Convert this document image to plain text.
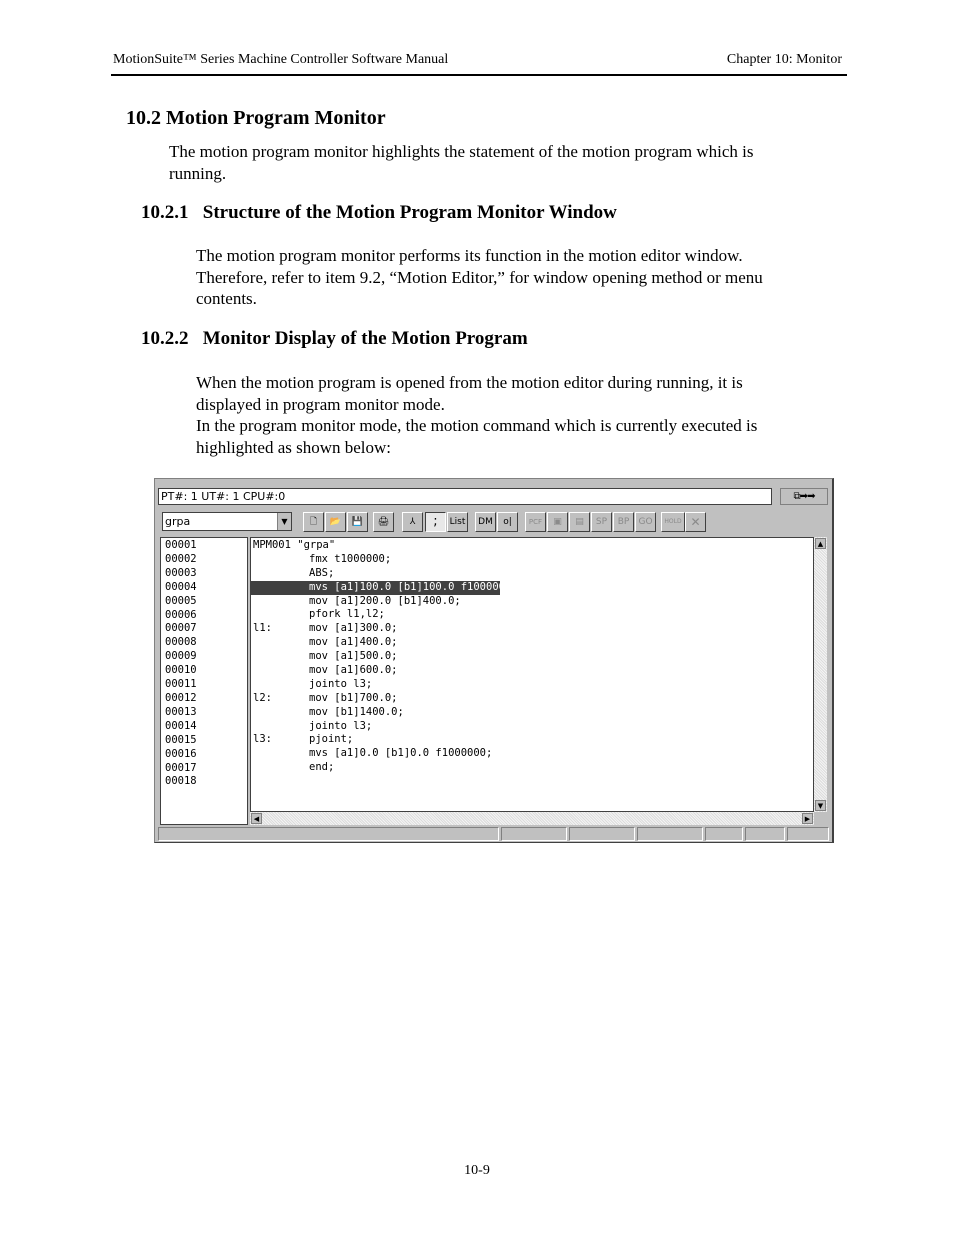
MotionSuite™ Series Machine Controller Software Manual	Chapter 10: Monitor
10.2 Motion Program Monitor
The motion program monitor highlights the statement of the motion program which is
running.
10.2.1   Structure of the Motion Program Monitor Window
The motion program monitor performs its function in the motion editor window.
Therefore, refer to item 9.2, “Motion Editor,” for window opening method or menu
contents.
10.2.2   Monitor Display of the Motion Program
When the motion program is opened from the motion editor during running, it is
displayed in program monitor mode.
In the program monitor mode, the motion command which is currently executed is
highlighted as shown below:
PT#: 1 UT#: 1 CPU#:0	⧉➡➡
grpa	▼	🗋	📂	💾	🖨	⅄	;	List	DM	o|	PCF	▣	▤	SP	BP	GO	HOLD ✕
00001
00002
00003
00004
00005
00006
00007
00008
00009
00010
00011
00012
00013
00014
00015
00016
00017
00018
MPM001 "grpa"
fmx t1000000;
ABS;
mvs [a1]100.0 [b1]100.0 f1000000;
mov [a1]200.0 [b1]400.0;
pfork l1,l2;
l1:	mov [a1]300.0;
mov [a1]400.0;
mov [a1]500.0;
mov [a1]600.0;
jointo l3;
l2:	mov [b1]700.0;
mov [b1]1400.0;
jointo l3;
l3:	pjoint;
mvs [a1]0.0 [b1]0.0 f1000000;
end;
▲
▼
◀	▶
10-9
